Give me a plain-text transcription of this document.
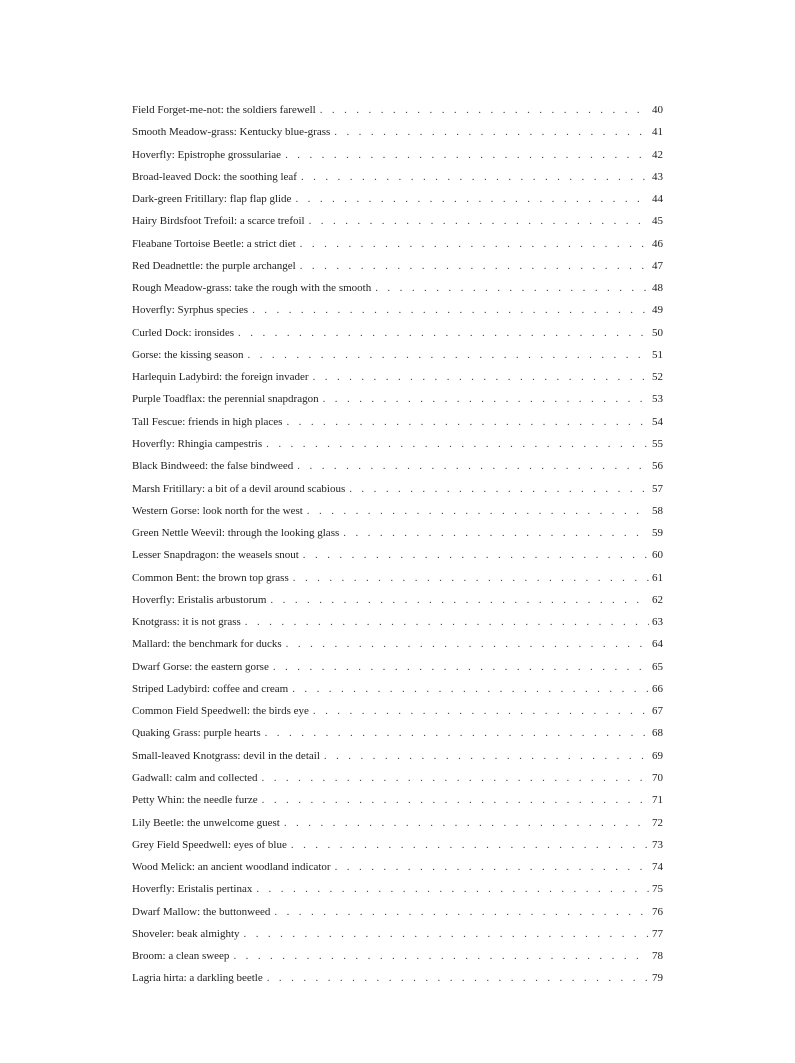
Field Forget-me-not: the soldiers farewell . . .	40
Smooth Meadow-grass: Kentucky blue-grass . . .	41
Hoverfly: Epistrophe grossulariae . . .	42
Broad-leaved Dock: the soothing leaf . . .	43
Dark-green Fritillary: flap flap glide . . .	44
Hairy Birdsfoot Trefoil: a scarce trefoil . . .	45
Fleabane Tortoise Beetle: a strict diet . . .	46
Red Deadnettle: the purple archangel . . .	47
Rough Meadow-grass: take the rough with the smooth . . .	48
Hoverfly: Syrphus species . . .	49
Curled Dock: ironsides . . .	50
Gorse: the kissing season . . .	51
Harlequin Ladybird: the foreign invader . . .	52
Purple Toadflax: the perennial snapdragon . . .	53
Tall Fescue: friends in high places . . .	54
Hoverfly: Rhingia campestris . . .	55
Black Bindweed: the false bindweed . . .	56
Marsh Fritillary: a bit of a devil around scabious . . .	57
Western Gorse: look north for the west . . .	58
Green Nettle Weevil: through the looking glass . . .	59
Lesser Snapdragon: the weasels snout . . .	60
Common Bent: the brown top grass . . .	61
Hoverfly: Eristalis arbustorum . . .	62
Knotgrass: it is not grass . . .	63
Mallard: the benchmark for ducks . . .	64
Dwarf Gorse: the eastern gorse . . .	65
Striped Ladybird: coffee and cream . . .	66
Common Field Speedwell: the birds eye . . .	67
Quaking Grass: purple hearts . . .	68
Small-leaved Knotgrass: devil in the detail . . .	69
Gadwall: calm and collected . . .	70
Petty Whin: the needle furze . . .	71
Lily Beetle: the unwelcome guest . . .	72
Grey Field Speedwell: eyes of blue . . .	73
Wood Melick: an ancient woodland indicator . . .	74
Hoverfly: Eristalis pertinax . . .	75
Dwarf Mallow: the buttonweed . . .	76
Shoveler: beak almighty . . .	77
Broom: a clean sweep . . .	78
Lagria hirta: a darkling beetle . . .	79
